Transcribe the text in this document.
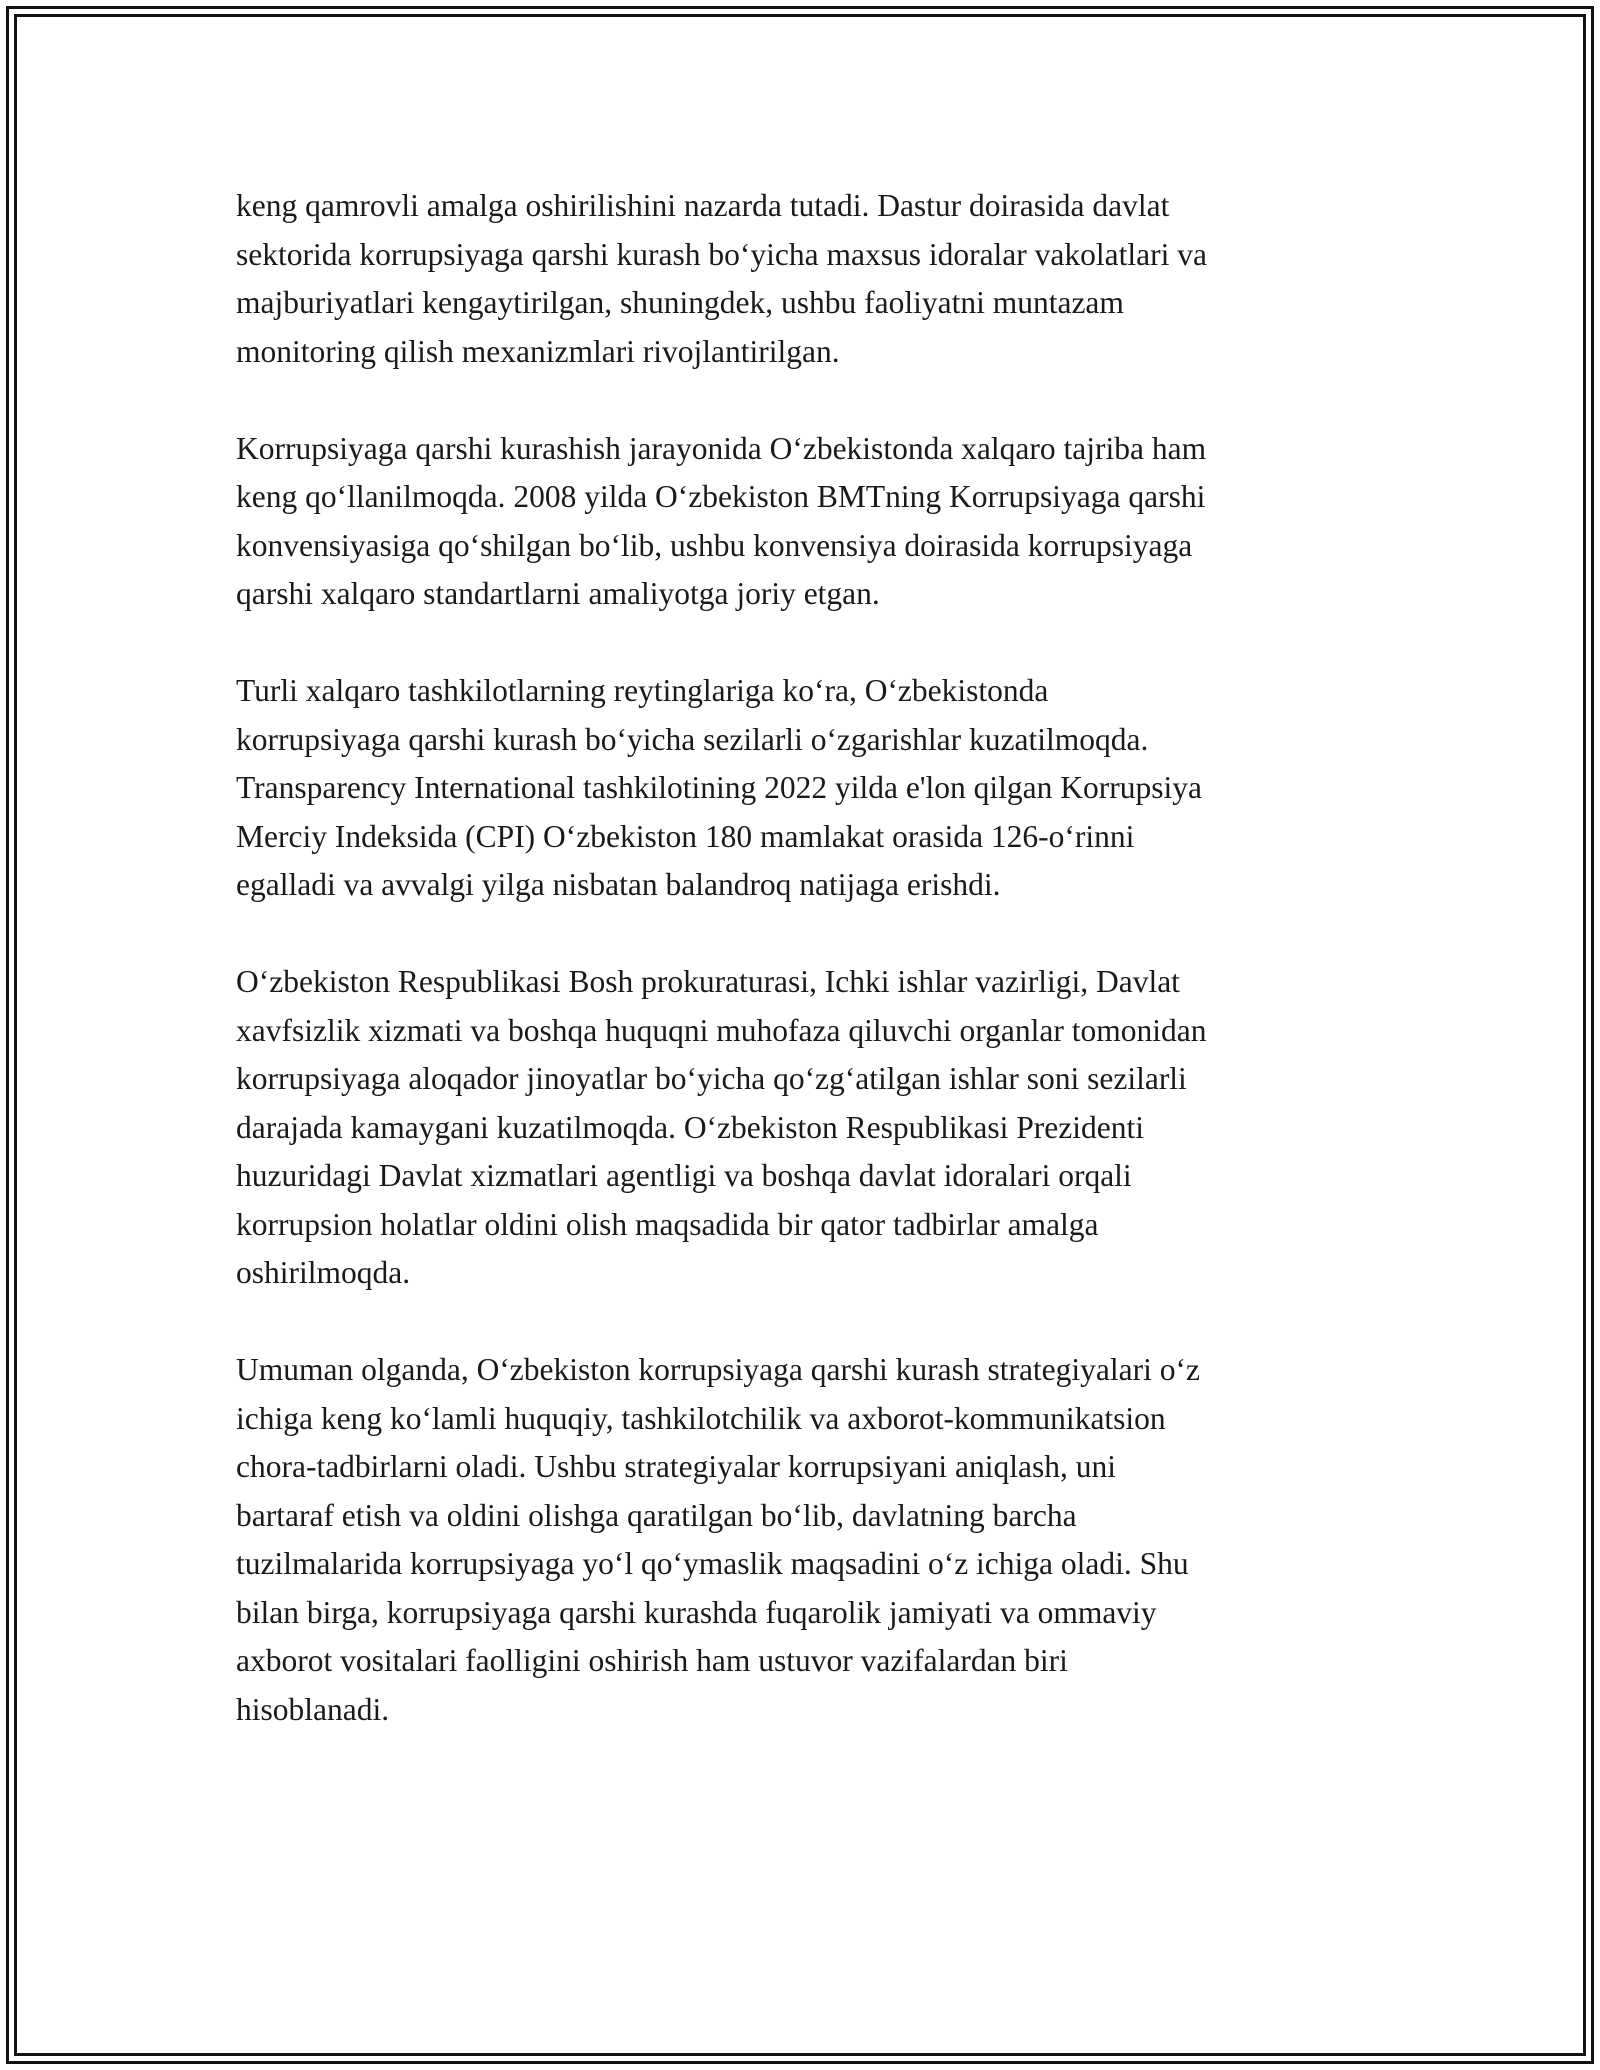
keng qamrovli amalga oshirilishini nazarda tutadi. Dastur doirasida davlat
sektorida korrupsiyaga qarshi kurash bo‘yicha maxsus idoralar vakolatlari va
majburiyatlari kengaytirilgan, shuningdek, ushbu faoliyatni muntazam
monitoring qilish mexanizmlari rivojlantirilgan.

Korrupsiyaga qarshi kurashish jarayonida O‘zbekistonda xalqaro tajriba ham
keng qo‘llanilmoqda. 2008 yilda O‘zbekiston BMTning Korrupsiyaga qarshi
konvensiyasiga qo‘shilgan bo‘lib, ushbu konvensiya doirasida korrupsiyaga
qarshi xalqaro standartlarni amaliyotga joriy etgan.

Turli xalqaro tashkilotlarning reytinglariga ko‘ra, O‘zbekistonda
korrupsiyaga qarshi kurash bo‘yicha sezilarli o‘zgarishlar kuzatilmoqda.
Transparency International tashkilotining 2022 yilda e'lon qilgan Korrupsiya
Merciy Indeksida (CPI) O‘zbekiston 180 mamlakat orasida 126-o‘rinni
egalladi va avvalgi yilga nisbatan balandroq natijaga erishdi.

O‘zbekiston Respublikasi Bosh prokuraturasi, Ichki ishlar vazirligi, Davlat
xavfsizlik xizmati va boshqa huquqni muhofaza qiluvchi organlar tomonidan
korrupsiyaga aloqador jinoyatlar bo‘yicha qo‘zg‘atilgan ishlar soni sezilarli
darajada kamaygani kuzatilmoqda. O‘zbekiston Respublikasi Prezidenti
huzuridagi Davlat xizmatlari agentligi va boshqa davlat idoralari orqali
korrupsion holatlar oldini olish maqsadida bir qator tadbirlar amalga
oshirilmoqda.

Umuman olganda, O‘zbekiston korrupsiyaga qarshi kurash strategiyalari o‘z
ichiga keng ko‘lamli huquqiy, tashkilotchilik va axborot-kommunikatsion
chora-tadbirlarni oladi. Ushbu strategiyalar korrupsiyani aniqlash, uni
bartaraf etish va oldini olishga qaratilgan bo‘lib, davlatning barcha
tuzilmalarida korrupsiyaga yo‘l qo‘ymaslik maqsadini o‘z ichiga oladi. Shu
bilan birga, korrupsiyaga qarshi kurashda fuqarolik jamiyati va ommaviy
axborot vositalari faolligini oshirish ham ustuvor vazifalardan biri
hisoblanadi.
